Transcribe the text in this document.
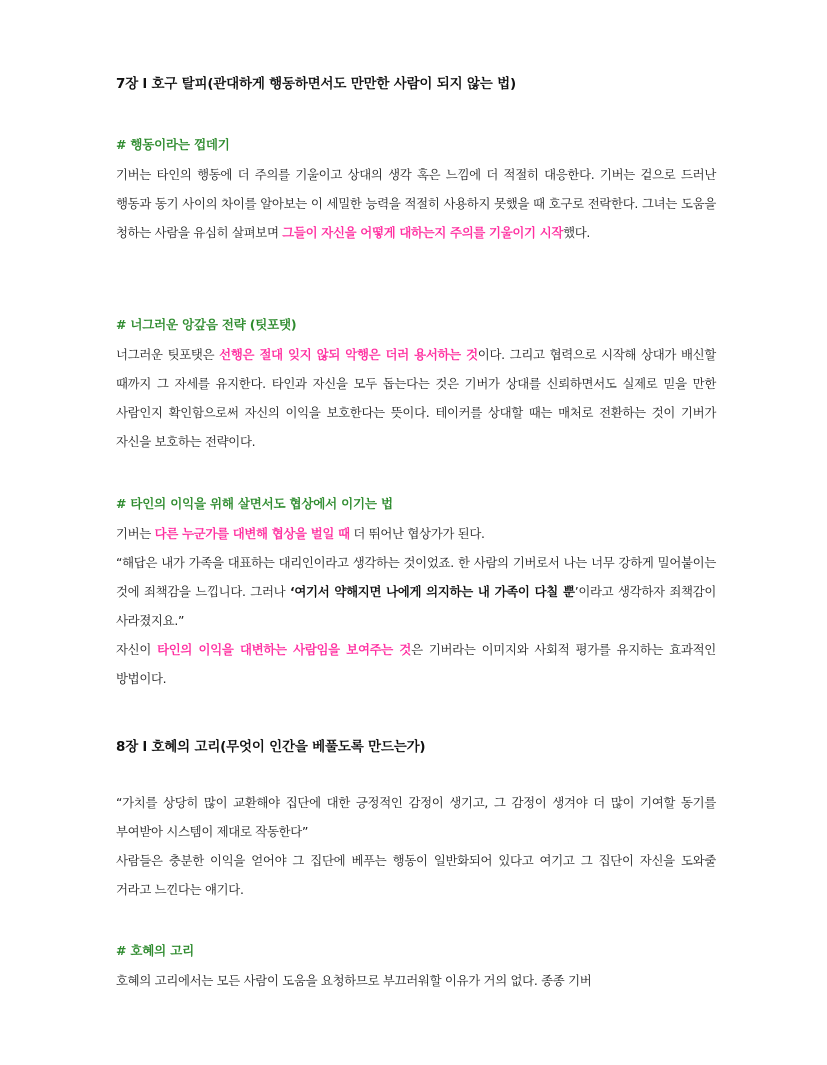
7장 l 호구 탈피(관대하게 행동하면서도 만만한 사람이 되지 않는 법)
# 행동이라는 껍데기
기버는 타인의 행동에 더 주의를 기울이고 상대의 생각 혹은 느낌에 더 적절히 대응한다. 기버는 겉으로 드러난 행동과 동기 사이의 차이를 알아보는 이 세밀한 능력을 적절히 사용하지 못했을 때 호구로 전락한다. 그녀는 도움을 청하는 사람을 유심히 살펴보며 그들이 자신을 어떻게 대하는지 주의를 기울이기 시작했다.
# 너그러운 앙갚음 전략 (팃포탯)
너그러운 팃포탯은 선행은 절대 잊지 않되 악행은 더러 용서하는 것이다. 그리고 협력으로 시작해 상대가 배신할 때까지 그 자세를 유지한다. 타인과 자신을 모두 돕는다는 것은 기버가 상대를 신뢰하면서도 실제로 믿을 만한 사람인지 확인함으로써 자신의 이익을 보호한다는 뜻이다. 테이커를 상대할 때는 매처로 전환하는 것이 기버가 자신을 보호하는 전략이다.
# 타인의 이익을 위해 살면서도 협상에서 이기는 법
기버는 다른 누군가를 대변해 협상을 벌일 때 더 뛰어난 협상가가 된다.
“해답은 내가 가족을 대표하는 대리인이라고 생각하는 것이었죠. 한 사람의 기버로서 나는 너무 강하게 밀어붙이는 것에 죄책감을 느낍니다. 그러나 ‘여기서 약해지면 나에게 의지하는 내 가족이 다칠 뿐’이라고 생각하자 죄책감이 사라졌지요.”
자신이 타인의 이익을 대변하는 사람임을 보여주는 것은 기버라는 이미지와 사회적 평가를 유지하는 효과적인 방법이다.
8장 l 호혜의 고리(무엇이 인간을 베풀도록 만드는가)
“가치를 상당히 많이 교환해야 집단에 대한 긍정적인 감정이 생기고, 그 감정이 생겨야 더 많이 기여할 동기를 부여받아 시스템이 제대로 작동한다”
사람들은 충분한 이익을 얻어야 그 집단에 베푸는 행동이 일반화되어 있다고 여기고 그 집단이 자신을 도와줄 거라고 느낀다는 얘기다.
# 호혜의 고리
호혜의 고리에서는 모든 사람이 도움을 요청하므로 부끄러워할 이유가 거의 없다. 종종 기버
